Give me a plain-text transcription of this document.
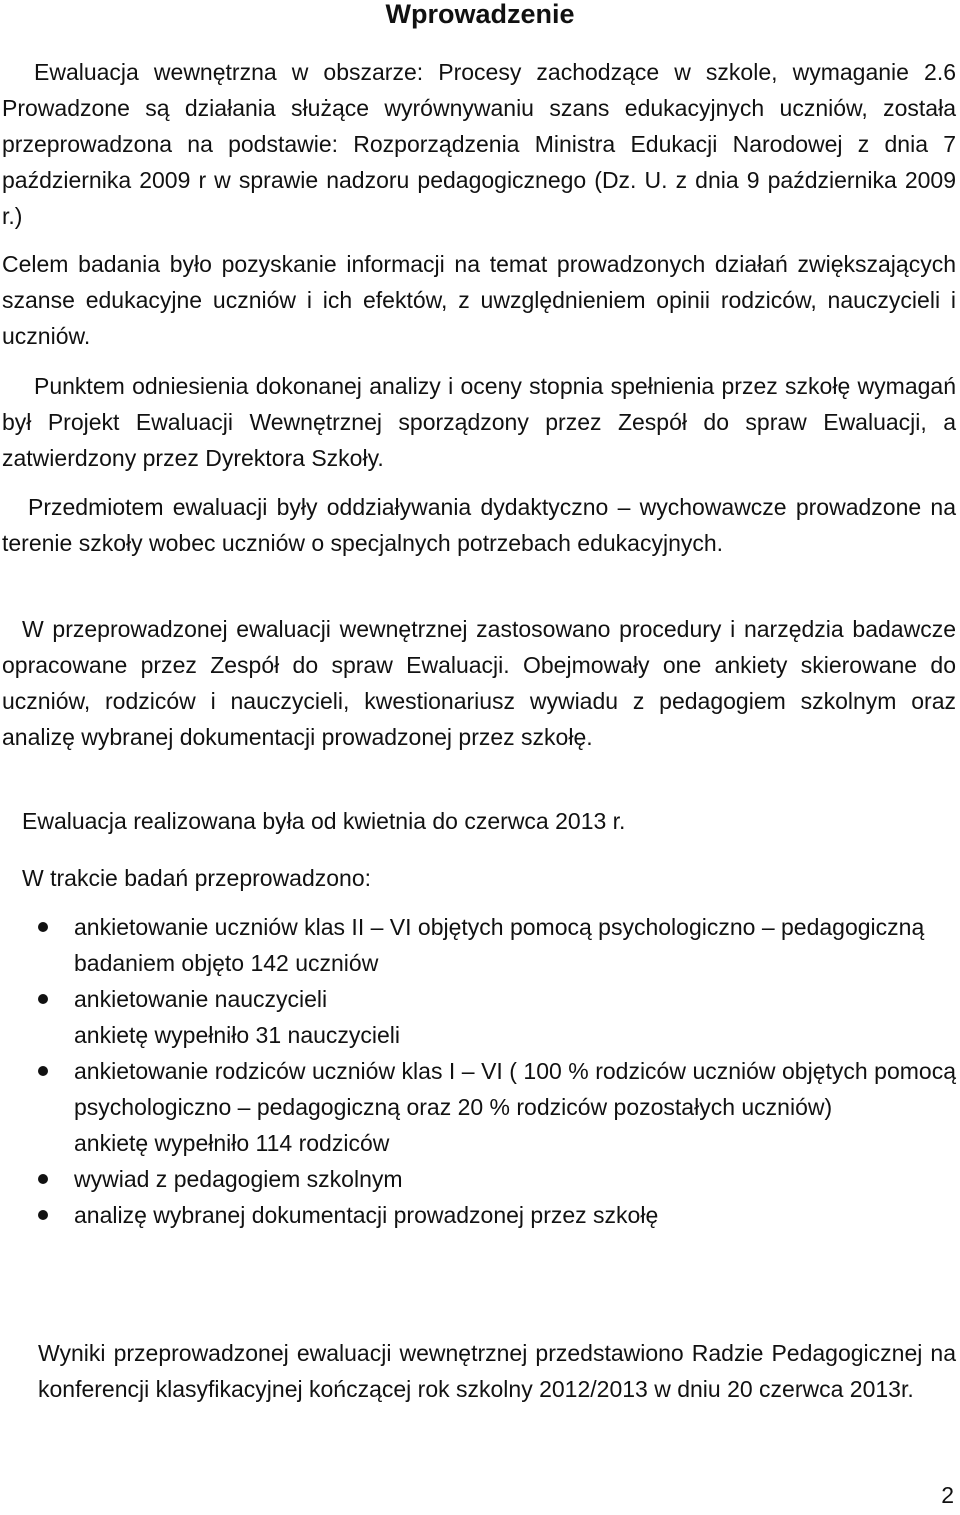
Wprowadzenie

Ewaluacja wewnętrzna w obszarze: Procesy zachodzące w szkole, wymaganie 2.6 Prowadzone są działania służące wyrównywaniu szans edukacyjnych uczniów, została przeprowadzona na podstawie: Rozporządzenia Ministra Edukacji Narodowej z dnia 7 października 2009 r w sprawie nadzoru pedagogicznego (Dz. U. z dnia 9 października 2009 r.)

Celem badania było pozyskanie informacji na temat prowadzonych działań zwiększających szanse edukacyjne uczniów i ich efektów, z uwzględnieniem opinii rodziców, nauczycieli i uczniów.

Punktem odniesienia dokonanej analizy i oceny stopnia spełnienia przez szkołę wymagań był Projekt Ewaluacji Wewnętrznej sporządzony przez Zespół do spraw Ewaluacji, a zatwierdzony przez Dyrektora Szkoły.

Przedmiotem ewaluacji były oddziaływania dydaktyczno – wychowawcze prowadzone na terenie szkoły wobec uczniów o specjalnych potrzebach edukacyjnych.

W przeprowadzonej ewaluacji wewnętrznej zastosowano procedury i narzędzia badawcze opracowane przez Zespół do spraw Ewaluacji. Obejmowały one ankiety skierowane do uczniów, rodziców i nauczycieli, kwestionariusz wywiadu z pedagogiem szkolnym oraz analizę wybranej dokumentacji prowadzonej przez szkołę.

Ewaluacja realizowana była od kwietnia do czerwca 2013 r.

W trakcie badań przeprowadzono:

ankietowanie uczniów klas II – VI objętych pomocą psychologiczno – pedagogiczną
badaniem objęto 142 uczniów
ankietowanie nauczycieli
ankietę wypełniło 31 nauczycieli
ankietowanie rodziców uczniów klas I – VI ( 100 % rodziców uczniów objętych pomocą psychologiczno – pedagogiczną oraz 20 % rodziców pozostałych uczniów)
ankietę wypełniło 114 rodziców
wywiad z pedagogiem szkolnym
analizę wybranej dokumentacji prowadzonej przez szkołę

Wyniki przeprowadzonej ewaluacji wewnętrznej przedstawiono Radzie Pedagogicznej na konferencji klasyfikacyjnej kończącej rok szkolny 2012/2013 w dniu 20 czerwca 2013r.

2
